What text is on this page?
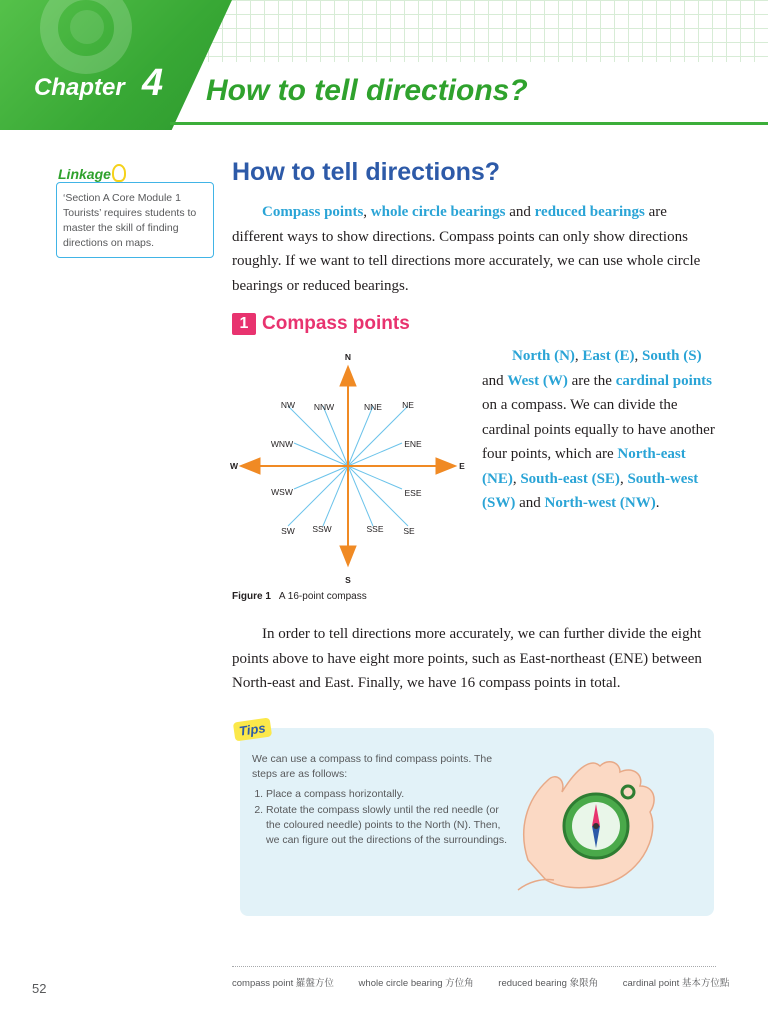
Chapter 4 How to tell directions?

‘Section A Core Module 1 Tourists’ requires students to master the skill of finding directions on maps.

Linkage	How to tell directions?

  Compass points, whole circle bearings and reduced bearings are different ways to show directions. Compass points can only show directions roughly. If we want to tell directions more accurately, we can use whole circle bearings or reduced bearings.

1 Compass points
N
S
E
W
NW NNW	NNE NE
WNW	ENE
WSW	ESE
SW SSW	SSE SE
Figure 1 A 16-point compass

  North (N), East (E), South (S) and West (W) are the cardinal points on a compass. We can divide the cardinal points equally to have another four points, which are North-east (NE), South-east (SE), South-west (SW) and North-west (NW).

  In order to tell directions more accurately, we can further divide the eight points above to have eight more points, such as East-northeast (ENE) between North-east and East. Finally, we have 16 compass points in total.

Tips

We can use a compass to find compass points. The steps are as follows:

1. Place a compass horizontally.
2. Rotate the compass slowly until the red needle (or the coloured needle) points to the North (N). Then, we can figure out the directions of the surroundings.
52	compass point 羅盤方位	whole circle bearing 方位角	reduced bearing 象限角	cardinal point 基本方位點
